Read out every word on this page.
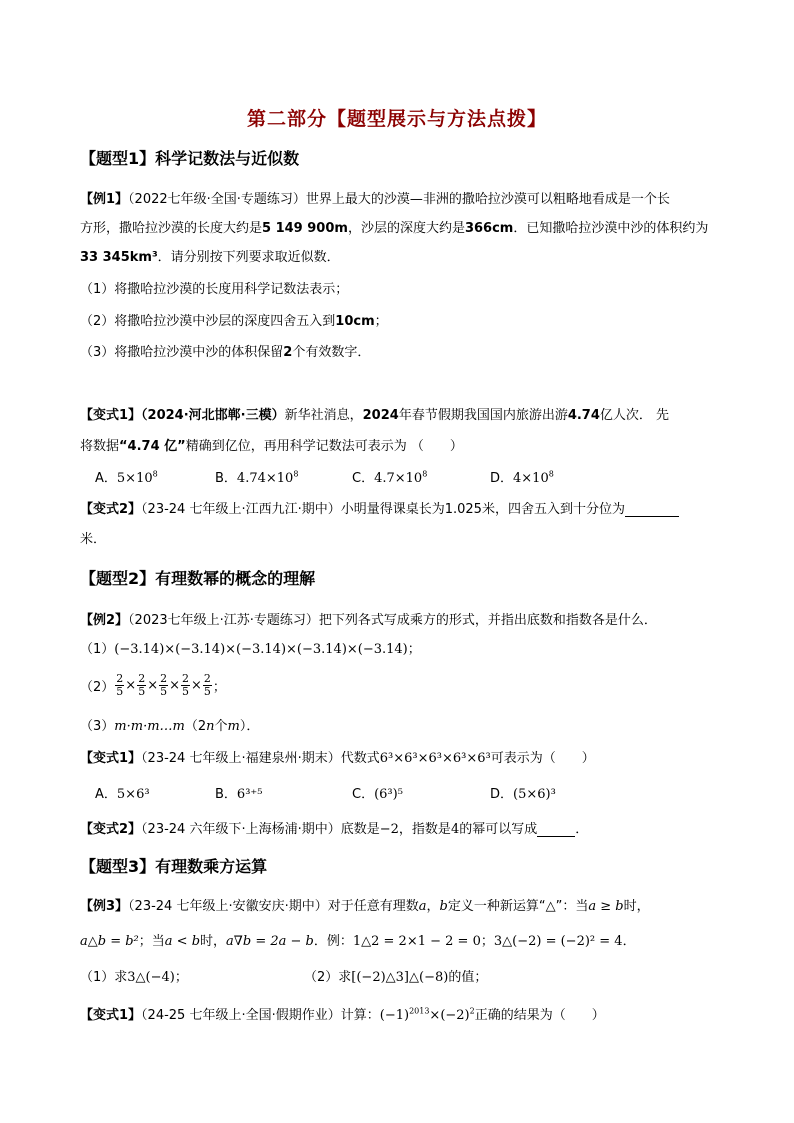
第二部分【题型展示与方法点拨】
【题型1】科学记数法与近似数
【例1】（2022七年级·全国·专题练习）世界上最大的沙漠—非洲的撒哈拉沙漠可以粗略地看成是一个长
方形，撒哈拉沙漠的长度大约是5 149 900m，沙层的深度大约是366cm．已知撒哈拉沙漠中沙的体积约为
33 345km³．请分别按下列要求取近似数．
（1）将撒哈拉沙漠的长度用科学记数法表示；
（2）将撒哈拉沙漠中沙层的深度四舍五入到10cm；
（3）将撒哈拉沙漠中沙的体积保留2个有效数字．
【变式1】（2024·河北邯郸·三模）新华社消息，2024年春节假期我国国内旅游出游4.74亿人次． 先
将数据“4.74 亿”精确到亿位，再用科学记数法可表示为 （　　）
A．$5\times 10^8$	B．$4.74\times 10^8$	C．$4.7\times 10^8$	D．$4\times 10^8$
【变式2】（23-24 七年级上·江西九江·期中）小明量得课桌长为1.025米，四舍五入到十分位为
米．
【题型2】有理数幂的概念的理解
【例2】（2023七年级上·江苏·专题练习）把下列各式写成乘方的形式，并指出底数和指数各是什么．
（1）(−3.14)×(−3.14)×(−3.14)×(−3.14)×(−3.14)；
$(2) \frac{2}{5} \times \frac{2}{5} \times \frac{2}{5} \times \frac{2}{5} \times \frac{2}{5}$ ；
（3）m·m·m…m（2n个m）．
【变式1】（23-24 七年级上·福建泉州·期末）代数式6³×6³×6³×6³×6³可表示为（　　）
A．5×6³	B．6³⁺⁵	C．(6³)⁵	D．(5×6)³
【变式2】（23-24 六年级下·上海杨浦·期中）底数是−2，指数是4的幂可以写成	．
【题型3】有理数乘方运算
【例3】（23-24 七年级上·安徽安庆·期中）对于任意有理数a，b定义一种新运算“△”：当a ≥ b时，
a△b = b²；当a < b时，a∇b = 2a − b．例：1△2 = 2×1 − 2 = 0；3△(−2) = (−2)² = 4．
（1）求3△(−4)；	（2）求[(−2)△3]△(−8)的值；
【变式1】（24-25 七年级上·全国·假期作业）计算：$(-1)^{2013}\times(-2)^2$正确的结果为（　　）
